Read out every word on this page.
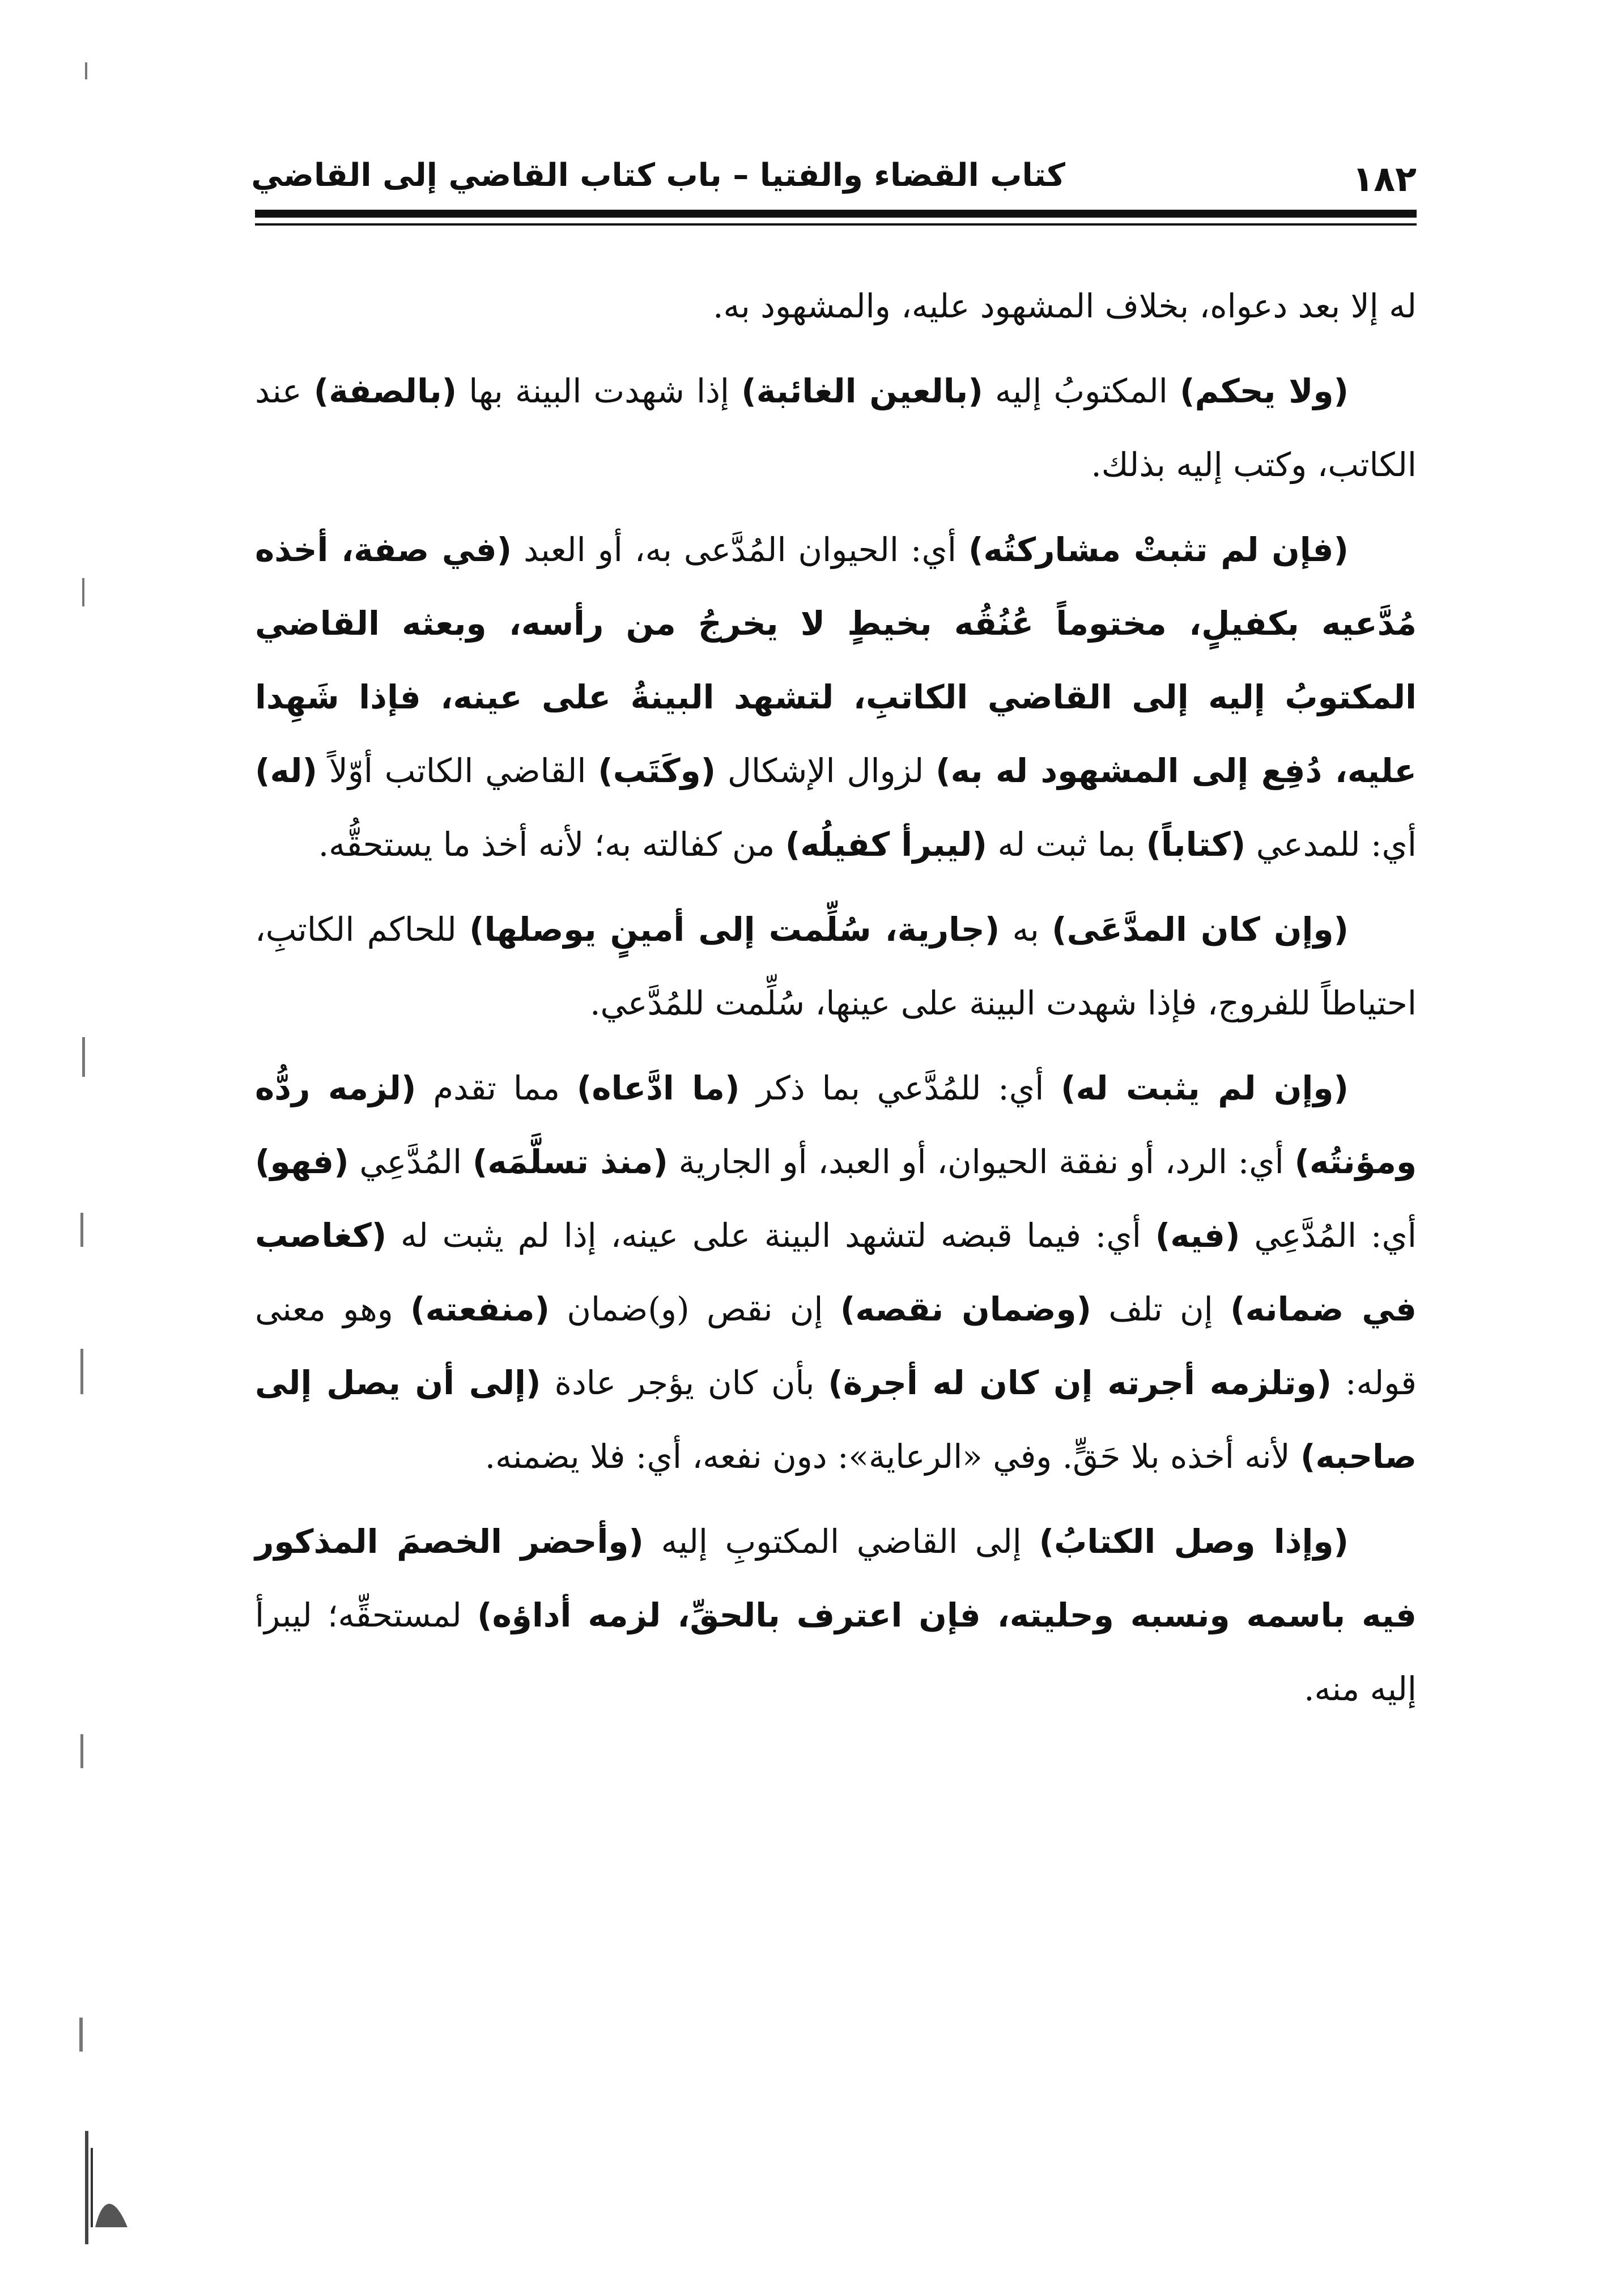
١٨٢
كتاب القضاء والفتيا – باب كتاب القاضي إلى القاضي

له إلا بعد دعواه، بخلاف المشهود عليه، والمشهود به.

(ولا يحكم) المكتوبُ إليه (بالعين الغائبة) إذا شهدت البينة بها (بالصفة) عند الكاتب، وكتب إليه بذلك.

(فإن لم تثبتْ مشاركتُه) أي: الحيوان المُدَّعى به، أو العبد (في صفة، أخذه مُدَّعيه بكفيلٍ، مختوماً عُنُقُه بخيطٍ لا يخرجُ من رأسه، وبعثه القاضي المكتوبُ إليه إلى القاضي الكاتبِ، لتشهد البينةُ على عينه، فإذا شَهِدا عليه، دُفِع إلى المشهود له به) لزوال الإشكال (وكَتَب) القاضي الكاتب أوّلاً (له) أي: للمدعي (كتاباً) بما ثبت له (ليبرأ كفيلُه) من كفالته به؛ لأنه أخذ ما يستحقُّه.

(وإن كان المدَّعَى) به (جارية، سُلِّمت إلى أمينٍ يوصلها) للحاكم الكاتبِ، احتياطاً للفروج، فإذا شهدت البينة على عينها، سُلِّمت للمُدَّعي.

(وإن لم يثبت له) أي: للمُدَّعي بما ذكر (ما ادَّعاه) مما تقدم (لزمه ردُّه ومؤنتُه) أي: الرد، أو نفقة الحيوان، أو العبد، أو الجارية (منذ تسلَّمَه) المُدَّعِي (فهو) أي: المُدَّعِي (فيه) أي: فيما قبضه لتشهد البينة على عينه، إذا لم يثبت له (كغاصب في ضمانه) إن تلف (وضمان نقصه) إن نقص (و)ضمان (منفعته) وهو معنى قوله: (وتلزمه أجرته إن كان له أجرة) بأن كان يؤجر عادة (إلى أن يصل إلى صاحبه) لأنه أخذه بلا حَقٍّ. وفي «الرعاية»: دون نفعه، أي: فلا يضمنه.

(وإذا وصل الكتابُ) إلى القاضي المكتوبِ إليه (وأحضر الخصمَ المذكور فيه باسمه ونسبه وحليته، فإن اعترف بالحقِّ، لزمه أداؤه) لمستحقِّه؛ ليبرأ إليه منه.
